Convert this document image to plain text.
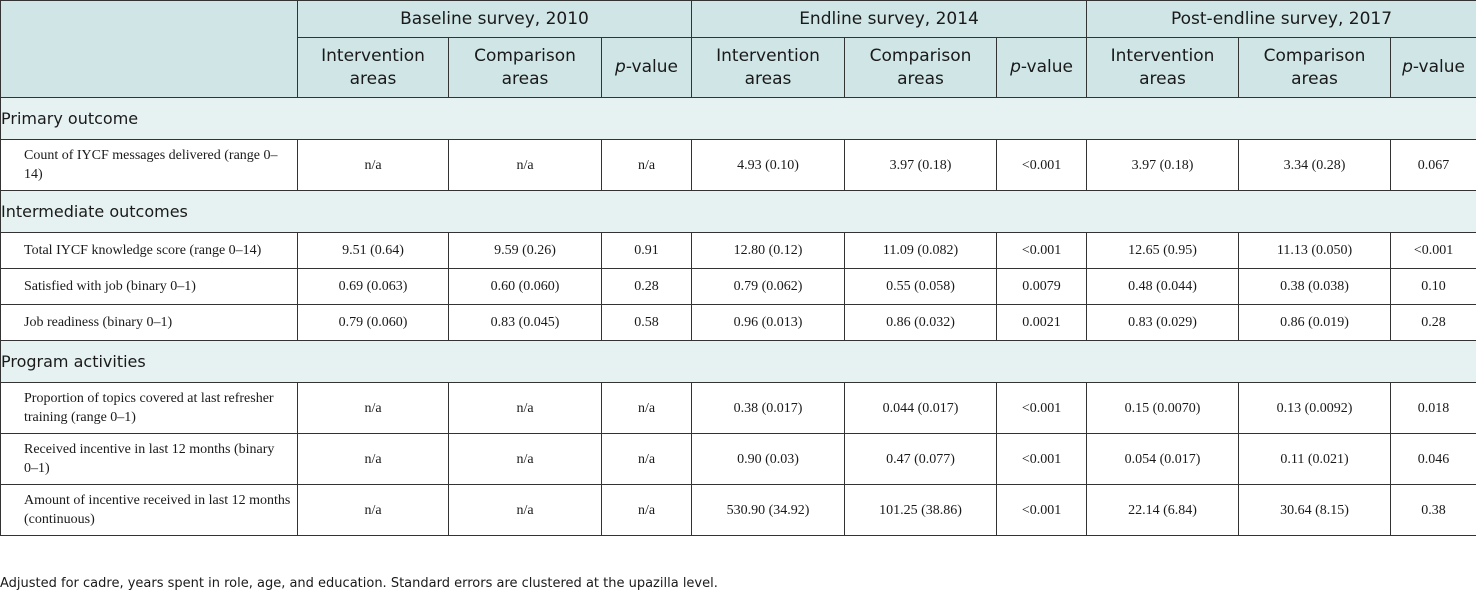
	Baseline survey, 2010			Endline survey, 2014			Post-endline survey, 2017		
	Intervention areas	Comparison areas	p-value	Intervention areas	Comparison areas	p-value	Intervention areas	Comparison areas	p-value
Primary outcome									
Count of IYCF messages delivered (range 0–14)	n/a	n/a	n/a	4.93 (0.10)	3.97 (0.18)	<0.001	3.97 (0.18)	3.34 (0.28)	0.067
Intermediate outcomes									
Total IYCF knowledge score (range 0–14)	9.51 (0.64)	9.59 (0.26)	0.91	12.80 (0.12)	11.09 (0.082)	<0.001	12.65 (0.95)	11.13 (0.050)	<0.001
Satisfied with job (binary 0–1)	0.69 (0.063)	0.60 (0.060)	0.28	0.79 (0.062)	0.55 (0.058)	0.0079	0.48 (0.044)	0.38 (0.038)	0.10
Job readiness (binary 0–1)	0.79 (0.060)	0.83 (0.045)	0.58	0.96 (0.013)	0.86 (0.032)	0.0021	0.83 (0.029)	0.86 (0.019)	0.28
Program activities									
Proportion of topics covered at last refresher training (range 0–1)	n/a	n/a	n/a	0.38 (0.017)	0.044 (0.017)	<0.001	0.15 (0.0070)	0.13 (0.0092)	0.018
Received incentive in last 12 months (binary 0–1)	n/a	n/a	n/a	0.90 (0.03)	0.47 (0.077)	<0.001	0.054 (0.017)	0.11 (0.021)	0.046
Amount of incentive received in last 12 months (continuous)	n/a	n/a	n/a	530.90 (34.92)	101.25 (38.86)	<0.001	22.14 (6.84)	30.64 (8.15)	0.38
Adjusted for cadre, years spent in role, age, and education. Standard errors are clustered at the upazilla level.
